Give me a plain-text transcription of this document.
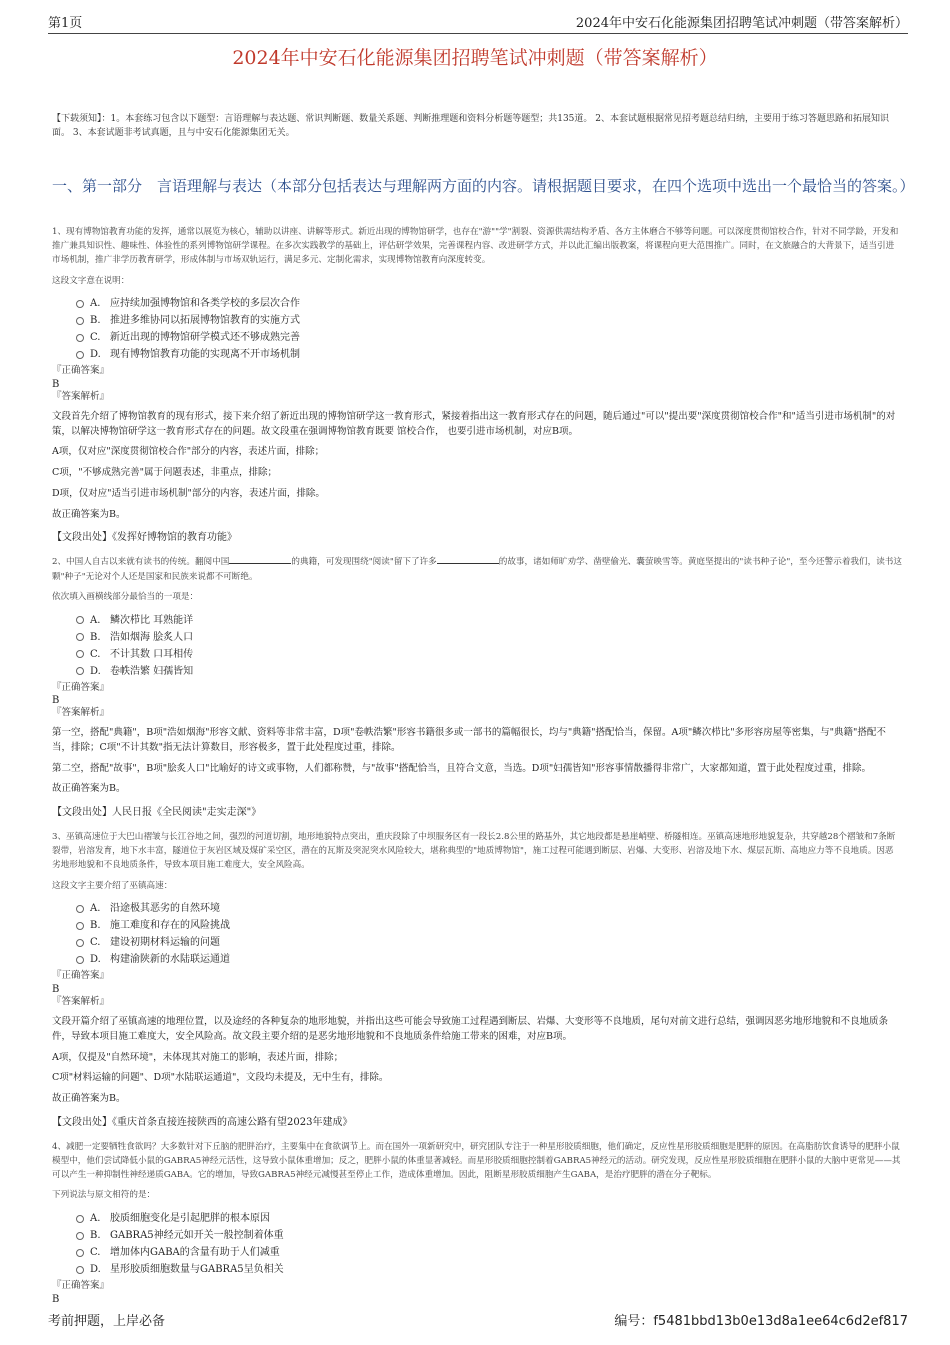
第1页	2024年中安石化能源集团招聘笔试冲刺题（带答案解析）
2024年中安石化能源集团招聘笔试冲刺题（带答案解析）
【下载须知】：1。本套练习包含以下题型：言语理解与表达题、常识判断题、数量关系题、判断推理题和资料分析题等题型；共135道。 2、本套试题根据常见招考题总结归纳，主要用于练习答题思路和拓展知识面。 3、本套试题非考试真题，且与中安石化能源集团无关。
一、第一部分　言语理解与表达（本部分包括表达与理解两方面的内容。请根据题目要求，在四个选项中选出一个最恰当的答案。）
1、现有博物馆教育功能的发挥，通常以展览为核心，辅助以讲座、讲解等形式。新近出现的博物馆研学，也存在"游""学"割裂、资源供需结构矛盾、各方主体磨合不够等问题。可以深度贯彻馆校合作，针对不同学龄，开发和推广兼具知识性、趣味性、体验性的系列博物馆研学课程。在多次实践教学的基础上，评估研学效果，完善课程内容、改进研学方式，并以此汇编出版教案，将课程向更大范围推广。同时，在文旅融合的大背景下，适当引进市场机制，推广非学历教育研学，形成体制与市场双轨运行，满足多元、定制化需求，实现博物馆教育向深度转变。
这段文字意在说明：
A. 应持续加强博物馆和各类学校的多层次合作
B. 推进多维协同以拓展博物馆教育的实施方式
C. 新近出现的博物馆研学模式还不够成熟完善
D. 现有博物馆教育功能的实现离不开市场机制
『正确答案』
B
『答案解析』
文段首先介绍了博物馆教育的现有形式，接下来介绍了新近出现的博物馆研学这一教育形式，紧接着指出这一教育形式存在的问题，随后通过"可以"提出要"深度贯彻馆校合作"和"适当引进市场机制"的对策，以解决博物馆研学这一教育形式存在的问题。故文段重在强调博物馆教育既要 馆校合作， 也要引进市场机制，对应B项。
A项，仅对应"深度贯彻馆校合作"部分的内容，表述片面，排除；
C项，"不够成熟完善"属于问题表述，非重点，排除；
D项，仅对应"适当引进市场机制"部分的内容，表述片面，排除。
故正确答案为B。
【文段出处】《发挥好博物馆的教育功能》
2、中国人自古以来就有读书的传统。翻阅中国	的典籍，可发现围绕"阅读"留下了许多	的故事，诸如师旷劝学、凿壁偷光、囊萤映雪等。黄庭坚提出的"读书种子论"，至今还警示着我们，读书这颗"种子"无论对个人还是国家和民族来说都不可断绝。
依次填入画横线部分最恰当的一项是：
A. 鳞次栉比 耳熟能详
B. 浩如烟海 脍炙人口
C. 不计其数 口耳相传
D. 卷帙浩繁 妇孺皆知
『正确答案』
B
『答案解析』
第一空，搭配"典籍"，B项"浩如烟海"形容文献、资料等非常丰富，D项"卷帙浩繁"形容书籍很多或一部书的篇幅很长，均与"典籍"搭配恰当，保留。A项"鳞次栉比"多形容房屋等密集，与"典籍"搭配不当，排除；C项"不计其数"指无法计算数目，形容极多，置于此处程度过重，排除。
第二空，搭配"故事"，B项"脍炙人口"比喻好的诗文或事物，人们都称赞，与"故事"搭配恰当，且符合文意，当选。D项"妇孺皆知"形容事情散播得非常广，大家都知道，置于此处程度过重，排除。
故正确答案为B。
【文段出处】人民日报《全民阅读"走实走深"》
3、巫镇高速位于大巴山褶皱与长江谷地之间，强烈的河道切割，地形地貌特点突出，重庆段除了中坝服务区有一段长2.8公里的路基外，其它地段都是悬崖峭壁、桥隧相连。巫镇高速地形地貌复杂，共穿越28个褶皱和7条断裂带，岩溶发育，地下水丰富，隧道位于灰岩区域及煤矿采空区，潜在的瓦斯及突泥突水风险较大，堪称典型的"地质博物馆"，施工过程可能遇到断层、岩爆、大变形、岩溶及地下水、煤层瓦斯、高地应力等不良地质。因恶劣地形地貌和不良地质条件，导致本项目施工难度大，安全风险高。
这段文字主要介绍了巫镇高速：
A. 沿途极其恶劣的自然环境
B. 施工难度和存在的风险挑战
C. 建设初期材料运输的问题
D. 构建渝陕新的水陆联运通道
『正确答案』
B
『答案解析』
文段开篇介绍了巫镇高速的地理位置，以及途经的各种复杂的地形地貌，并指出这些可能会导致施工过程遇到断层、岩爆、大变形等不良地质，尾句对前文进行总结，强调因恶劣地形地貌和不良地质条件，导致本项目施工难度大，安全风险高。故文段主要介绍的是恶劣地形地貌和不良地质条件给施工带来的困难，对应B项。
A项，仅提及"自然环境"，未体现其对施工的影响，表述片面，排除；
C项"材料运输的问题"、D项"水陆联运通道"，文段均未提及，无中生有，排除。
故正确答案为B。
【文段出处】《重庆首条直接连接陕西的高速公路有望2023年建成》
4、减肥一定要牺牲食欲吗？大多数针对下丘脑的肥胖治疗，主要集中在食欲调节上。而在国外一项新研究中，研究团队专注于一种星形胶质细胞，他们确定，反应性星形胶质细胞是肥胖的原因。在高脂肪饮食诱导的肥胖小鼠模型中，他们尝试降低小鼠的GABRA5神经元活性，这导致小鼠体重增加；反之，肥胖小鼠的体重显著减轻。而星形胶质细胞控制着GABRA5神经元的活动。研究发现，反应性星形胶质细胞在肥胖小鼠的大脑中更常见——其可以产生一种抑制性神经递质GABA。它的增加，导致GABRA5神经元减慢甚至停止工作，造成体重增加。因此，阻断星形胶质细胞产生GABA，是治疗肥胖的潜在分子靶标。
下列说法与原文相符的是：
A. 胶质细胞变化是引起肥胖的根本原因
B. GABRA5神经元如开关一般控制着体重
C. 增加体内GABA的含量有助于人们减重
D. 星形胶质细胞数量与GABRA5呈负相关
『正确答案』
B
考前押题，上岸必备	编号：f5481bbd13b0e13d8a1ee64c6d2ef817
